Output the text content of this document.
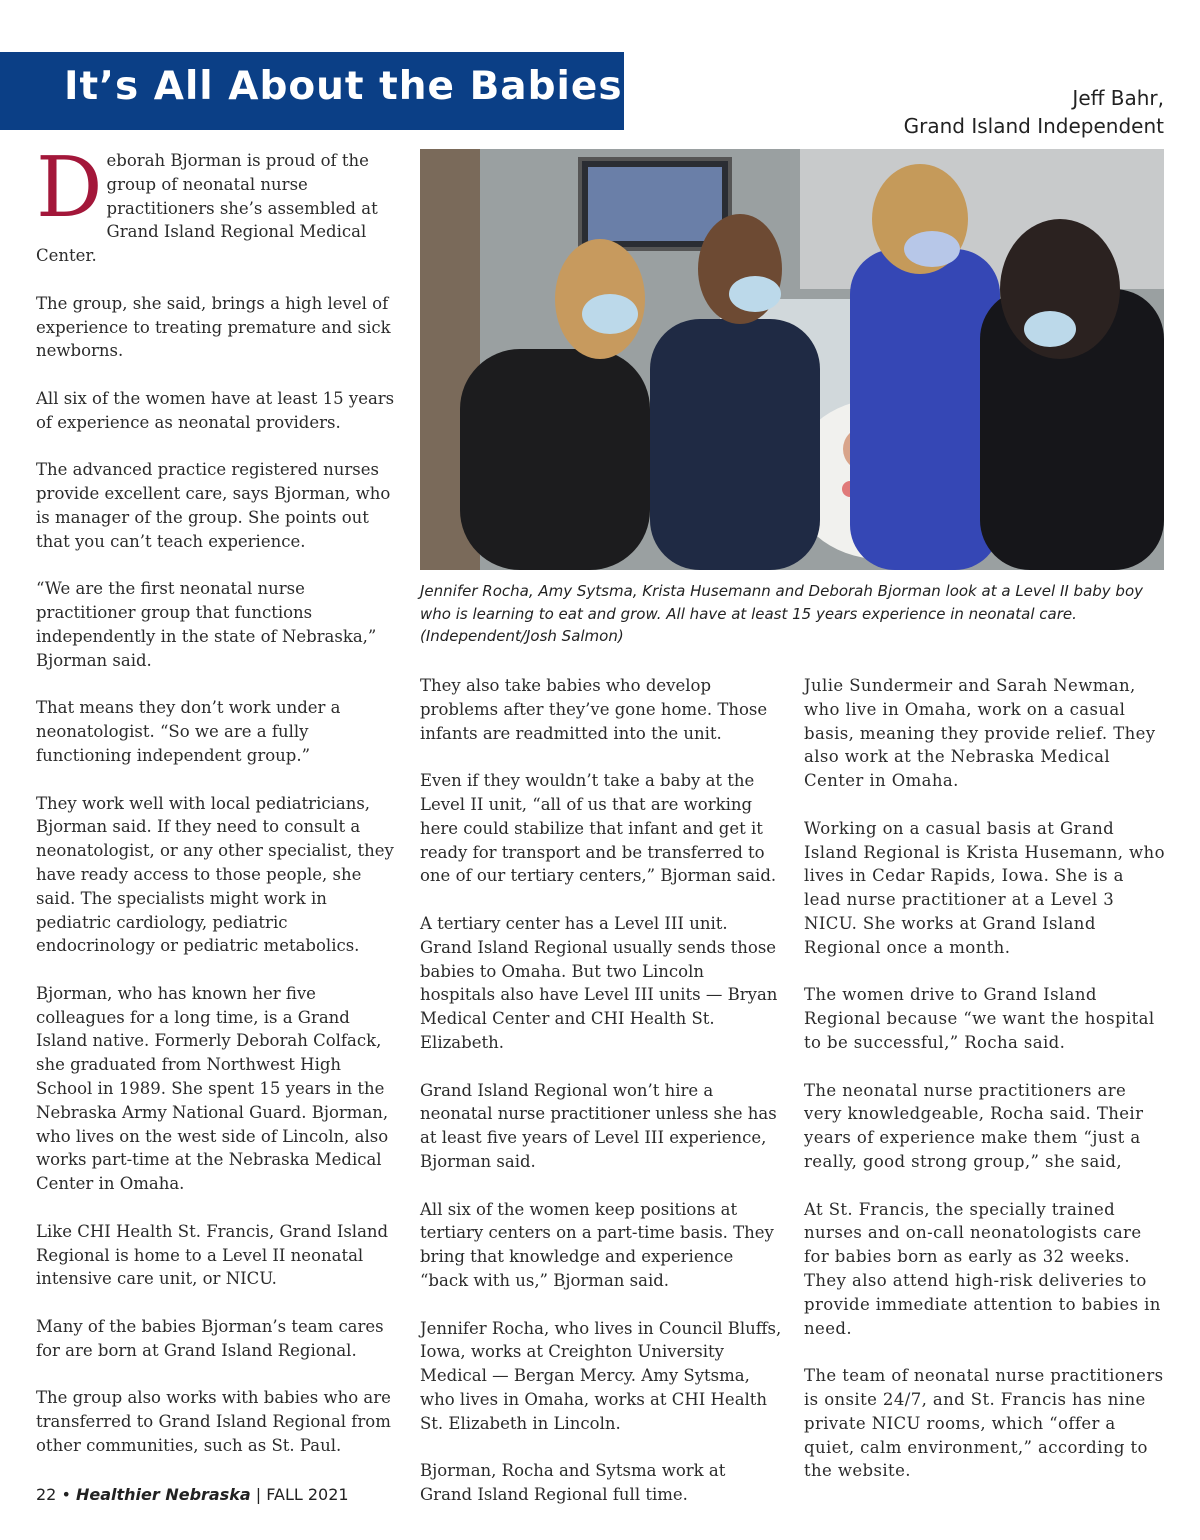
It’s All About the Babies	Jeff Bahr,
Grand Island Independent

Deborah Bjorman is proud of the group of neonatal nurse practitioners she’s assembled at Grand Island Regional Medical Center.

The group, she said, brings a high level of experience to treating premature and sick newborns.

All six of the women have at least 15 years of experience as neonatal providers.

The advanced practice registered nurses provide excellent care, says Bjorman, who is manager of the group. She points out that you can’t teach experience.

“We are the first neonatal nurse practitioner group that functions independently in the state of Nebraska,” Bjorman said.

That means they don’t work under a neonatologist. “So we are a fully functioning independent group.”

They work well with local pediatricians, Bjorman said. If they need to consult a neonatologist, or any other specialist, they have ready access to those people, she said. The specialists might work in pediatric cardiology, pediatric endocrinology or pediatric metabolics.

Bjorman, who has known her five colleagues for a long time, is a Grand Island native. Formerly Deborah Colfack, she graduated from Northwest High School in 1989. She spent 15 years in the Nebraska Army National Guard. Bjorman, who lives on the west side of Lincoln, also works part-time at the Nebraska Medical Center in Omaha.

Like CHI Health St. Francis, Grand Island Regional is home to a Level II neonatal intensive care unit, or NICU.

Many of the babies Bjorman’s team cares for are born at Grand Island Regional.

The group also works with babies who are transferred to Grand Island Regional from other communities, such as St. Paul.

Jennifer Rocha, Amy Sytsma, Krista Husemann and Deborah Bjorman look at a Level II baby boy who is learning to eat and grow. All have at least 15 years experience in neonatal care. (Independent/Josh Salmon)

They also take babies who develop problems after they’ve gone home. Those infants are readmitted into the unit.

Even if they wouldn’t take a baby at the Level II unit, “all of us that are working here could stabilize that infant and get it ready for transport and be transferred to one of our tertiary centers,” Bjorman said.

A tertiary center has a Level III unit. Grand Island Regional usually sends those babies to Omaha. But two Lincoln hospitals also have Level III units — Bryan Medical Center and CHI Health St. Elizabeth.

Grand Island Regional won’t hire a neonatal nurse practitioner unless she has at least five years of Level III experience, Bjorman said.

All six of the women keep positions at tertiary centers on a part-time basis. They bring that knowledge and experience “back with us,” Bjorman said.

Jennifer Rocha, who lives in Council Bluffs, Iowa, works at Creighton University Medical — Bergan Mercy. Amy Sytsma, who lives in Omaha, works at CHI Health St. Elizabeth in Lincoln.

Bjorman, Rocha and Sytsma work at Grand Island Regional full time.

Julie Sundermeir and Sarah Newman, who live in Omaha, work on a casual basis, meaning they provide relief. They also work at the Nebraska Medical Center in Omaha.

Working on a casual basis at Grand Island Regional is Krista Husemann, who lives in Cedar Rapids, Iowa. She is a lead nurse practitioner at a Level 3 NICU. She works at Grand Island Regional once a month.

The women drive to Grand Island Regional because “we want the hospital to be successful,” Rocha said.

The neonatal nurse practitioners are very knowledgeable, Rocha said. Their years of experience make them “just a really, good strong group,” she said,

At St. Francis, the specially trained nurses and on-call neonatologists care for babies born as early as 32 weeks. They also attend high-risk deliveries to provide immediate attention to babies in need.

The team of neonatal nurse practitioners is onsite 24/7, and St. Francis has nine private NICU rooms, which “offer a quiet, calm environment,” according to the website.

22 • Healthier Nebraska | FALL 2021
